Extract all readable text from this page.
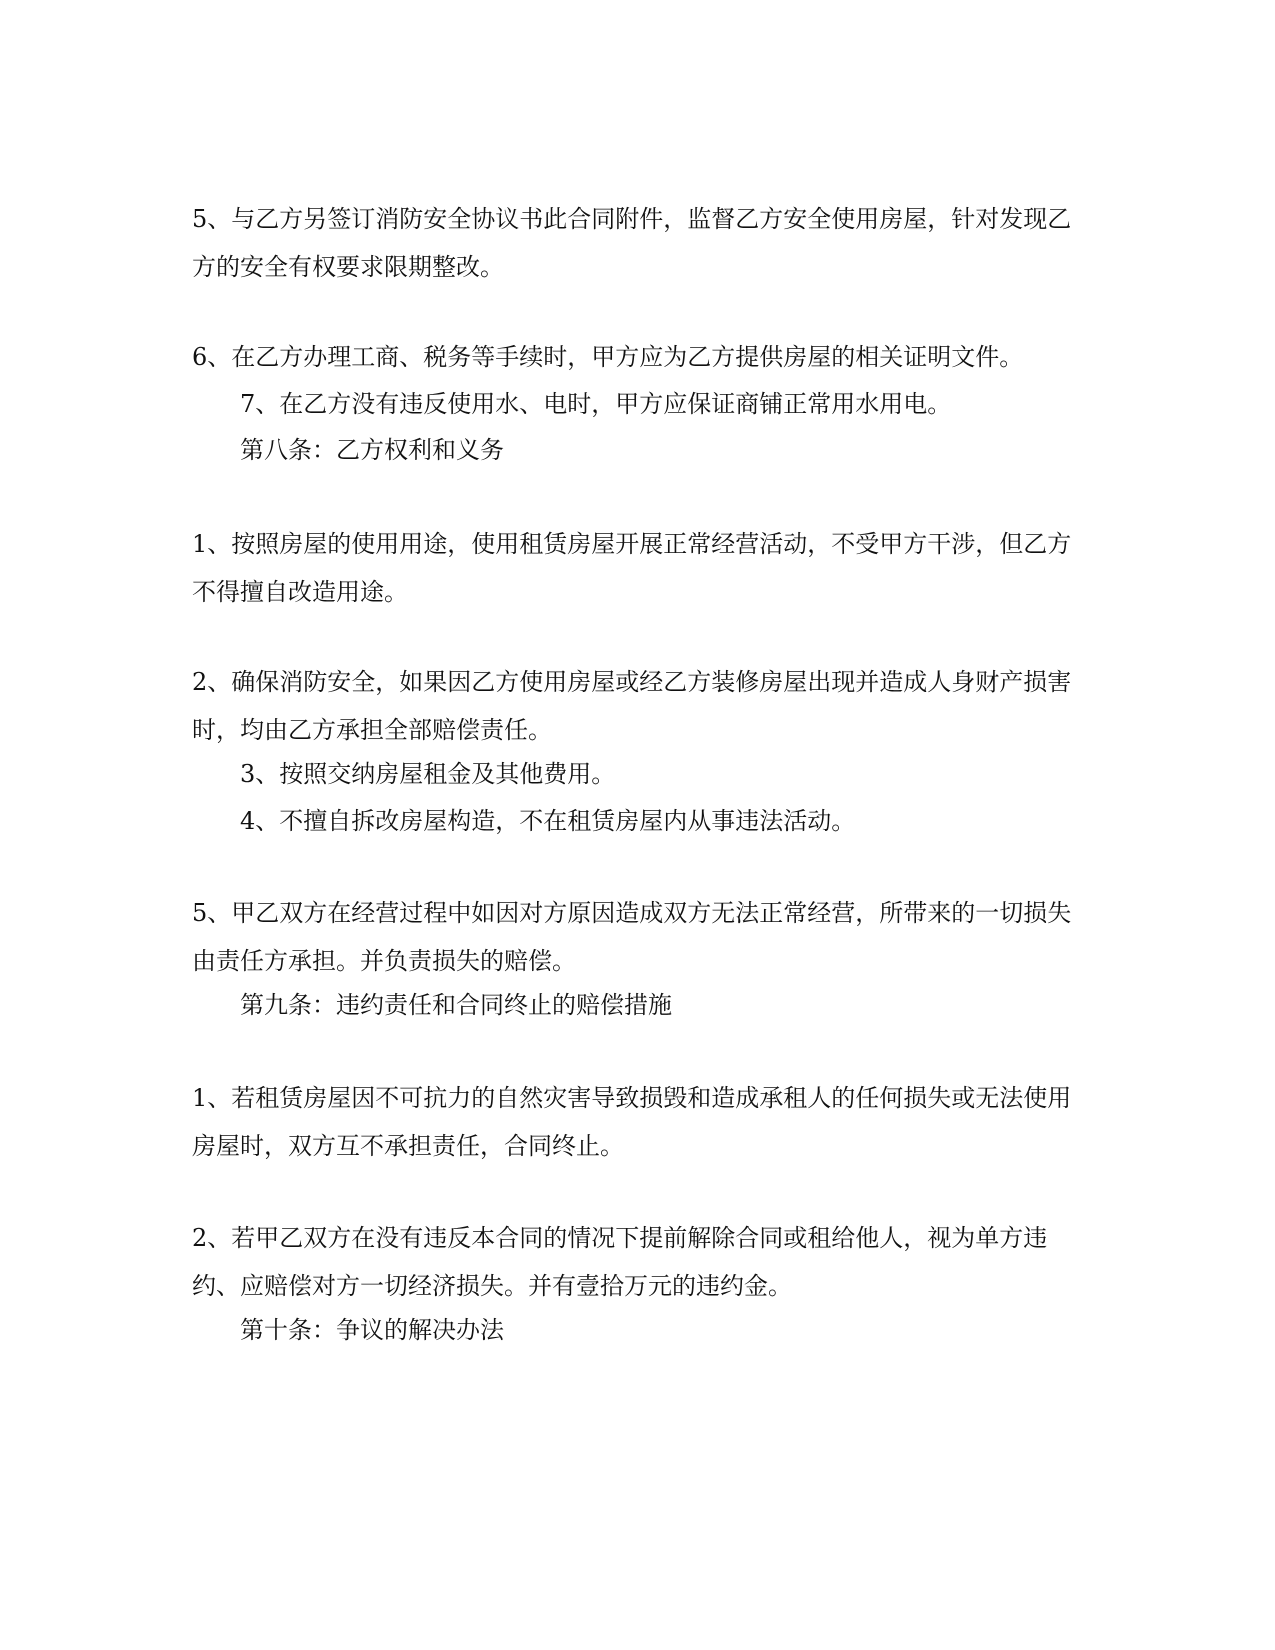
5、与乙方另签订消防安全协议书此合同附件，监督乙方安全使用房屋，针对发现乙方的安全有权要求限期整改。

6、在乙方办理工商、税务等手续时，甲方应为乙方提供房屋的相关证明文件。

7、在乙方没有违反使用水、电时，甲方应保证商铺正常用水用电。

第八条：乙方权利和义务

1、按照房屋的使用用途，使用租赁房屋开展正常经营活动，不受甲方干涉，但乙方不得擅自改造用途。

2、确保消防安全，如果因乙方使用房屋或经乙方装修房屋出现并造成人身财产损害时，均由乙方承担全部赔偿责任。

3、按照交纳房屋租金及其他费用。

4、不擅自拆改房屋构造，不在租赁房屋内从事违法活动。

5、甲乙双方在经营过程中如因对方原因造成双方无法正常经营，所带来的一切损失由责任方承担。并负责损失的赔偿。

第九条：违约责任和合同终止的赔偿措施

1、若租赁房屋因不可抗力的自然灾害导致损毁和造成承租人的任何损失或无法使用房屋时，双方互不承担责任，合同终止。

2、若甲乙双方在没有违反本合同的情况下提前解除合同或租给他人，视为单方违约、应赔偿对方一切经济损失。并有壹拾万元的违约金。

第十条：争议的解决办法
